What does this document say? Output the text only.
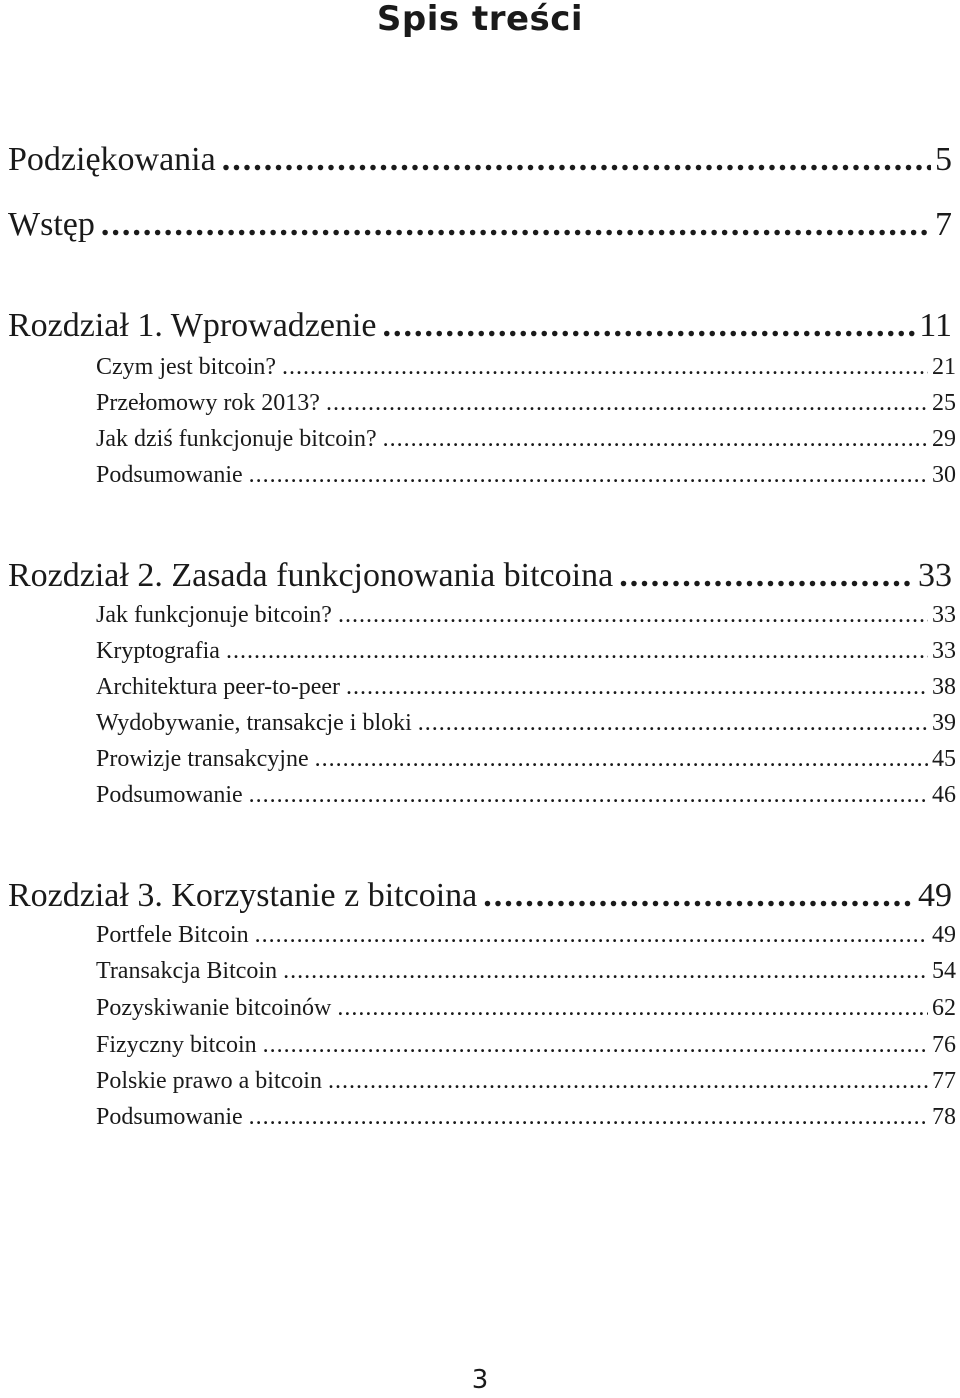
Spis treści
Podziękowania .....	5
Wstęp .....	7
Rozdział 1. Wprowadzenie .....	11
Czym jest bitcoin? .....	21
Przełomowy rok 2013? .....	25
Jak dziś funkcjonuje bitcoin? .....	29
Podsumowanie .....	30
Rozdział 2. Zasada funkcjonowania bitcoina .....	33
Jak funkcjonuje bitcoin? .....	33
Kryptografia .....	33
Architektura peer-to-peer .....	38
Wydobywanie, transakcje i bloki .....	39
Prowizje transakcyjne .....	45
Podsumowanie .....	46
Rozdział 3. Korzystanie z bitcoina .....	49
Portfele Bitcoin .....	49
Transakcja Bitcoin .....	54
Pozyskiwanie bitcoinów .....	62
Fizyczny bitcoin .....	76
Polskie prawo a bitcoin .....	77
Podsumowanie .....	78
3
